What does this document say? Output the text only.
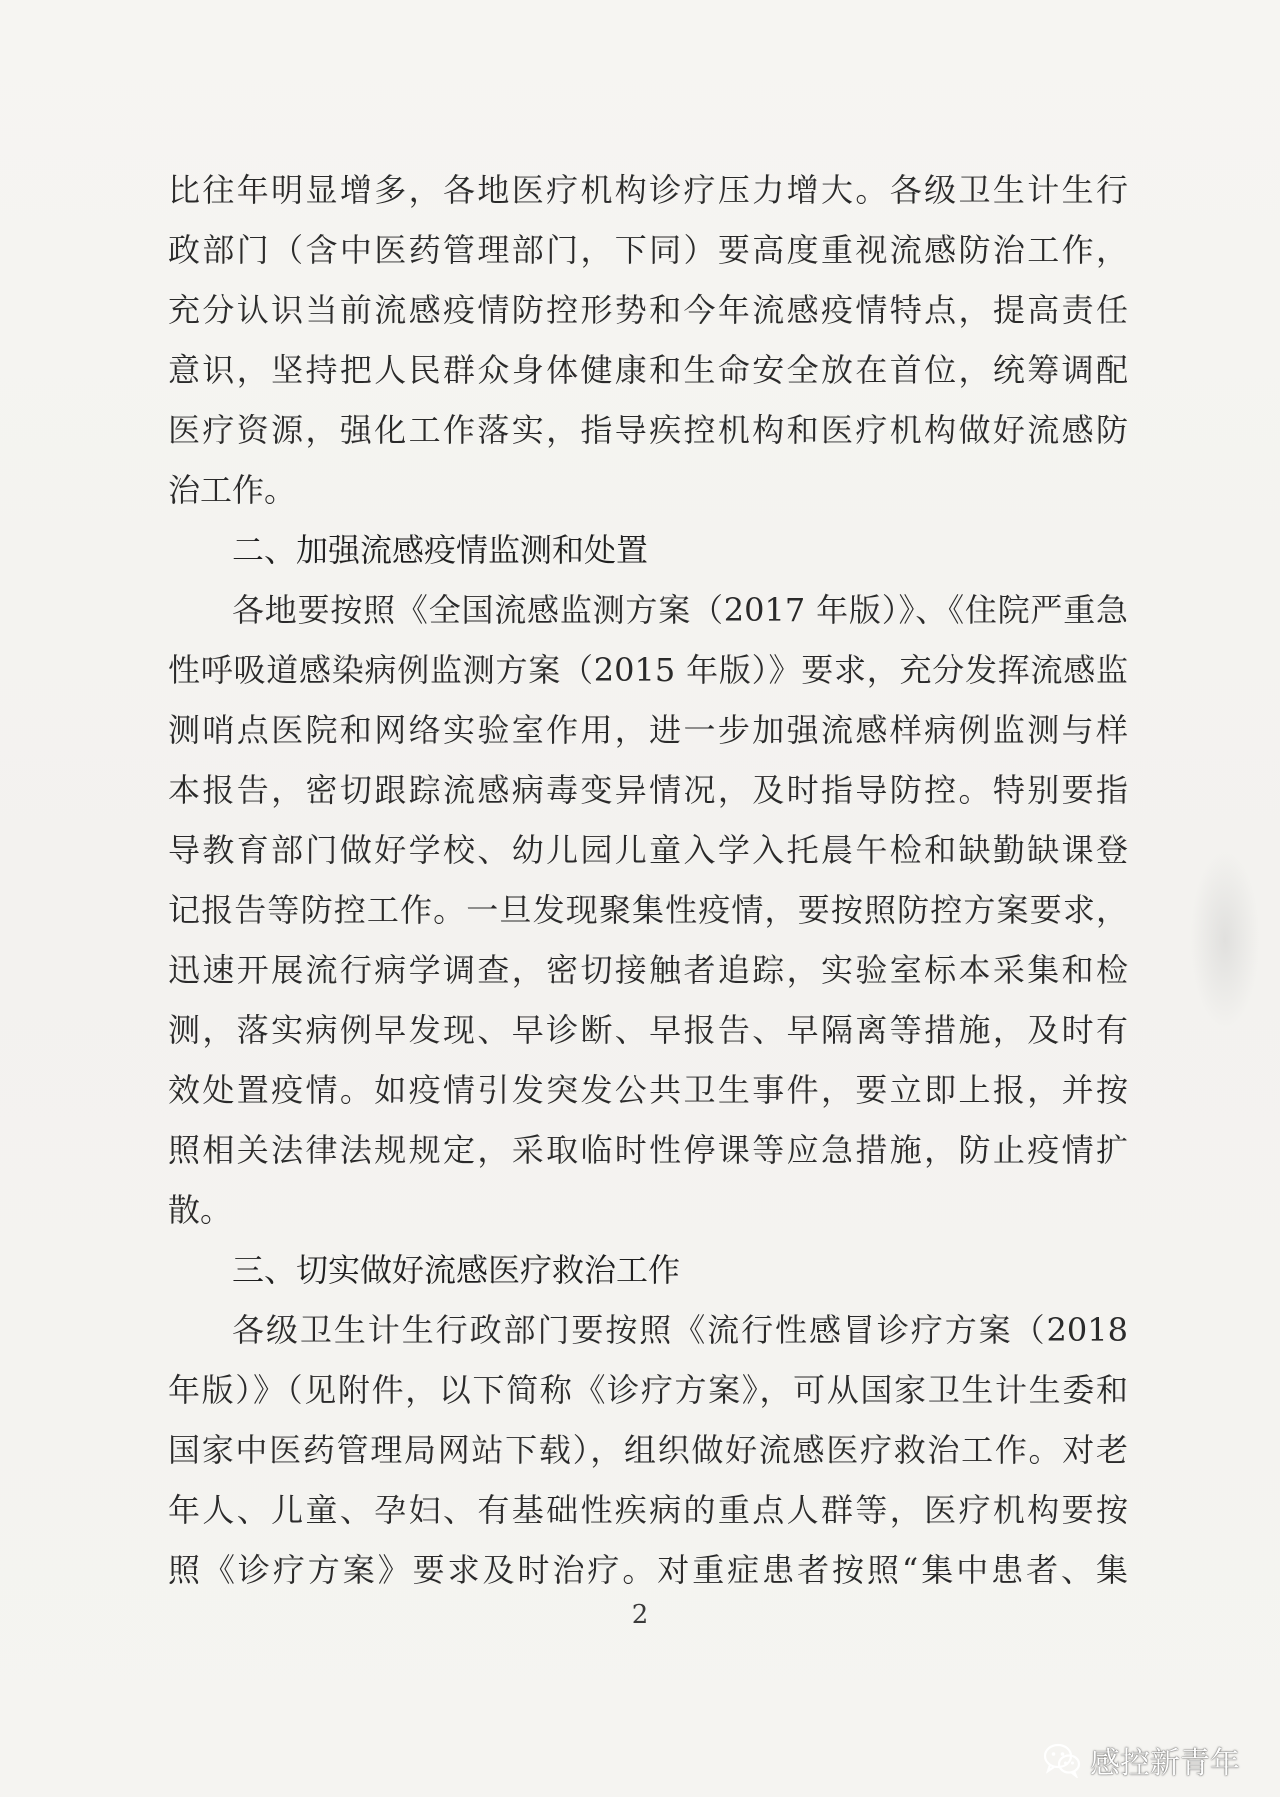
比往年明显增多，各地医疗机构诊疗压力增大。各级卫生计生行
政部门（含中医药管理部门，下同）要高度重视流感防治工作，
充分认识当前流感疫情防控形势和今年流感疫情特点，提高责任
意识，坚持把人民群众身体健康和生命安全放在首位，统筹调配
医疗资源，强化工作落实，指导疾控机构和医疗机构做好流感防
治工作。
二、加强流感疫情监测和处置
各地要按照《全国流感监测方案（2017 年版）》、《住院严重急
性呼吸道感染病例监测方案（2015 年版）》要求，充分发挥流感监
测哨点医院和网络实验室作用，进一步加强流感样病例监测与样
本报告，密切跟踪流感病毒变异情况，及时指导防控。特别要指
导教育部门做好学校、幼儿园儿童入学入托晨午检和缺勤缺课登
记报告等防控工作。一旦发现聚集性疫情，要按照防控方案要求，
迅速开展流行病学调查，密切接触者追踪，实验室标本采集和检
测，落实病例早发现、早诊断、早报告、早隔离等措施，及时有
效处置疫情。如疫情引发突发公共卫生事件，要立即上报，并按
照相关法律法规规定，采取临时性停课等应急措施，防止疫情扩
散。
三、切实做好流感医疗救治工作
各级卫生计生行政部门要按照《流行性感冒诊疗方案（2018
年版）》（见附件，以下简称《诊疗方案》，可从国家卫生计生委和
国家中医药管理局网站下载），组织做好流感医疗救治工作。对老
年人、儿童、孕妇、有基础性疾病的重点人群等，医疗机构要按
照《诊疗方案》要求及时治疗。对重症患者按照“集中患者、集
2
感控新青年
